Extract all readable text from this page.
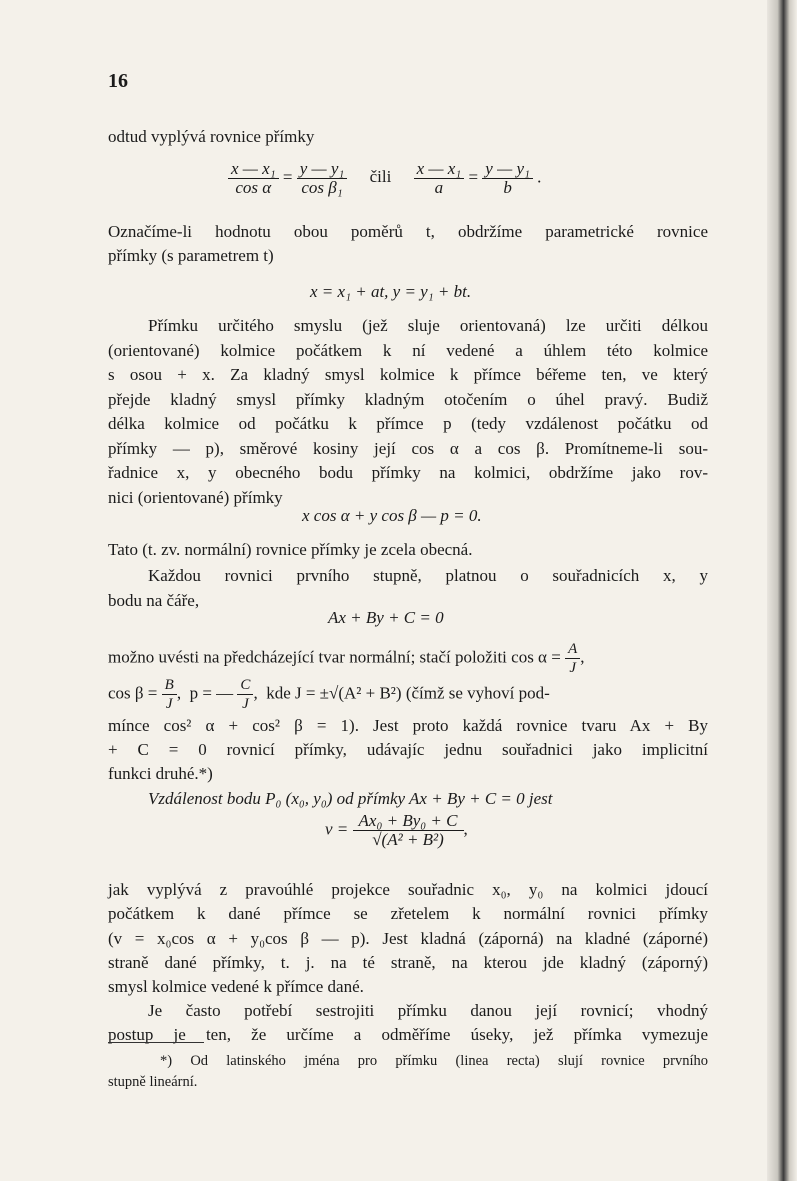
16
odtud vyplývá rovnice přímky
$\frac{\text{x — x₁}}{\text{cos α}} = \frac{\text{y — y₁}}{\text{cos β₁}}$ čili $\frac{\text{x — x₁}}{a} = \frac{\text{y — y₁}}{b}$ .
Označíme-li hodnotu obou poměrů t, obdržíme parametrické rovnice
přímky (s parametrem t)
x = x₁ + at, y = y₁ + bt.
Přímku určitého smyslu (jež sluje orientovaná) lze určiti délkou
(orientované) kolmice počátkem k ní vedené a úhlem této kolmice
s osou + x. Za kladný smysl kolmice k přímce béřeme ten, ve který
přejde kladný smysl přímky kladným otočením o úhel pravý. Budiž
délka kolmice od počátku k přímce p (tedy vzdálenost počátku od
přímky — p), směrové kosiny její cos α a cos β. Promítneme-li sou-
řadnice x, y obecného bodu přímky na kolmici, obdržíme jako rov-
nici (orientované) přímky
x cos α + y cos β — p = 0.
Tato (t. zv. normální) rovnice přímky je zcela obecná.
Každou rovnici prvního stupně, platnou o souřadnicích x, y
bodu na čáře,
Ax + By + C = 0
možno uvésti na předcházející tvar normální; stačí položiti $\cos \alpha = \frac{A}{J}$ ,
$\cos \beta = \frac{B}{J}$ ,  p = — $\frac{C}{J}$ ,  kde J = ±√(A² + B²) (čímž se vyhoví pod-
mínce cos² α + cos² β = 1). Jest proto každá rovnice tvaru Ax + By
+ C = 0 rovnicí přímky, udávajíc jednu souřadnici jako implicitní
funkci druhé.*)
Vzdálenost bodu P₀ (x₀, y₀) od přímky Ax + By + C = 0 jest
$v = \frac{\text{Ax₀ + By₀ + C}}{\text{√(A² + B²)}}$ ,
jak vyplývá z pravoúhlé projekce souřadnic x₀, y₀ na kolmici jdoucí
počátkem k dané přímce se zřetelem k normální rovnici přímky
(v = x₀cos α + y₀cos β — p). Jest kladná (záporná) na kladné (záporné)
straně dané přímky, t. j. na té straně, na kterou jde kladný (záporný)
smysl kolmice vedené k přímce dané.
Je často potřebí sestrojiti přímku danou její rovnicí; vhodný
postup je ten, že určíme a odměříme úseky, jež přímka vymezuje
*) Od latinského jména pro přímku (linea recta) slují rovnice prvního
stupně lineární.
